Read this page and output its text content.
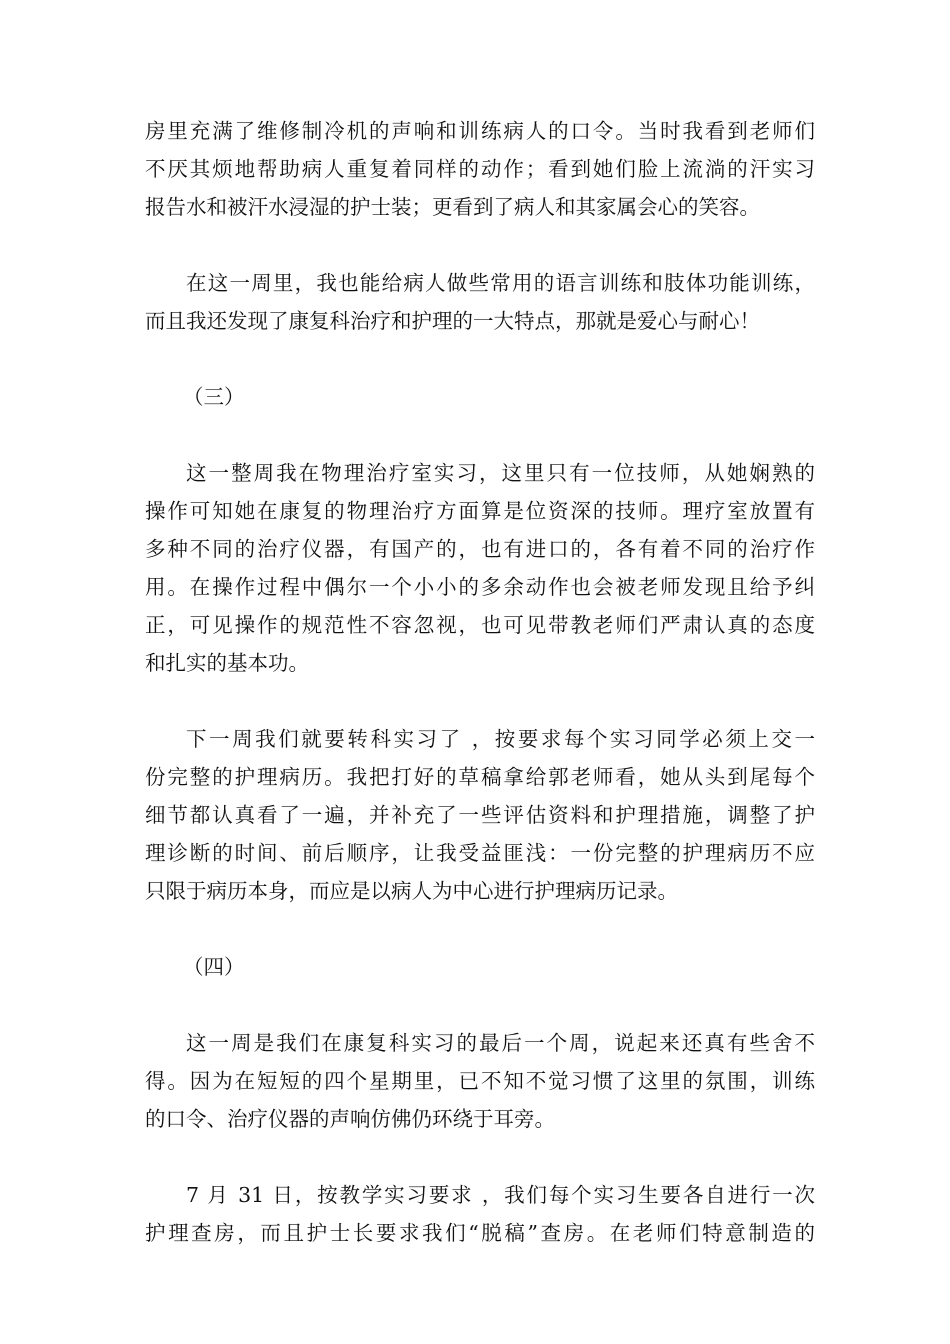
房里充满了维修制冷机的声响和训练病人的口令。当时我看到老师们
不厌其烦地帮助病人重复着同样的动作；看到她们脸上流淌的汗实习
报告水和被汗水浸湿的护士装；更看到了病人和其家属会心的笑容。

在这一周里，我也能给病人做些常用的语言训练和肢体功能训练，
而且我还发现了康复科治疗和护理的一大特点，那就是爱心与耐心！

（三）

这一整周我在物理治疗室实习，这里只有一位技师，从她娴熟的
操作可知她在康复的物理治疗方面算是位资深的技师。理疗室放置有
多种不同的治疗仪器，有国产的，也有进口的，各有着不同的治疗作
用。在操作过程中偶尔一个小小的多余动作也会被老师发现且给予纠
正，可见操作的规范性不容忽视，也可见带教老师们严肃认真的态度
和扎实的基本功。

下一周我们就要转科实习了 ，按要求每个实习同学必须上交一
份完整的护理病历。我把打好的草稿拿给郭老师看，她从头到尾每个
细节都认真看了一遍，并补充了一些评估资料和护理措施，调整了护
理诊断的时间、前后顺序，让我受益匪浅：一份完整的护理病历不应
只限于病历本身，而应是以病人为中心进行护理病历记录。

（四）

这一周是我们在康复科实习的最后一个周，说起来还真有些舍不
得。因为在短短的四个星期里，已不知不觉习惯了这里的氛围，训练
的口令、治疗仪器的声响仿佛仍环绕于耳旁。

7 月 31 日，按教学实习要求 ，我们每个实习生要各自进行一次
护理查房，而且护士长要求我们“脱稿”查房。在老师们特意制造的
